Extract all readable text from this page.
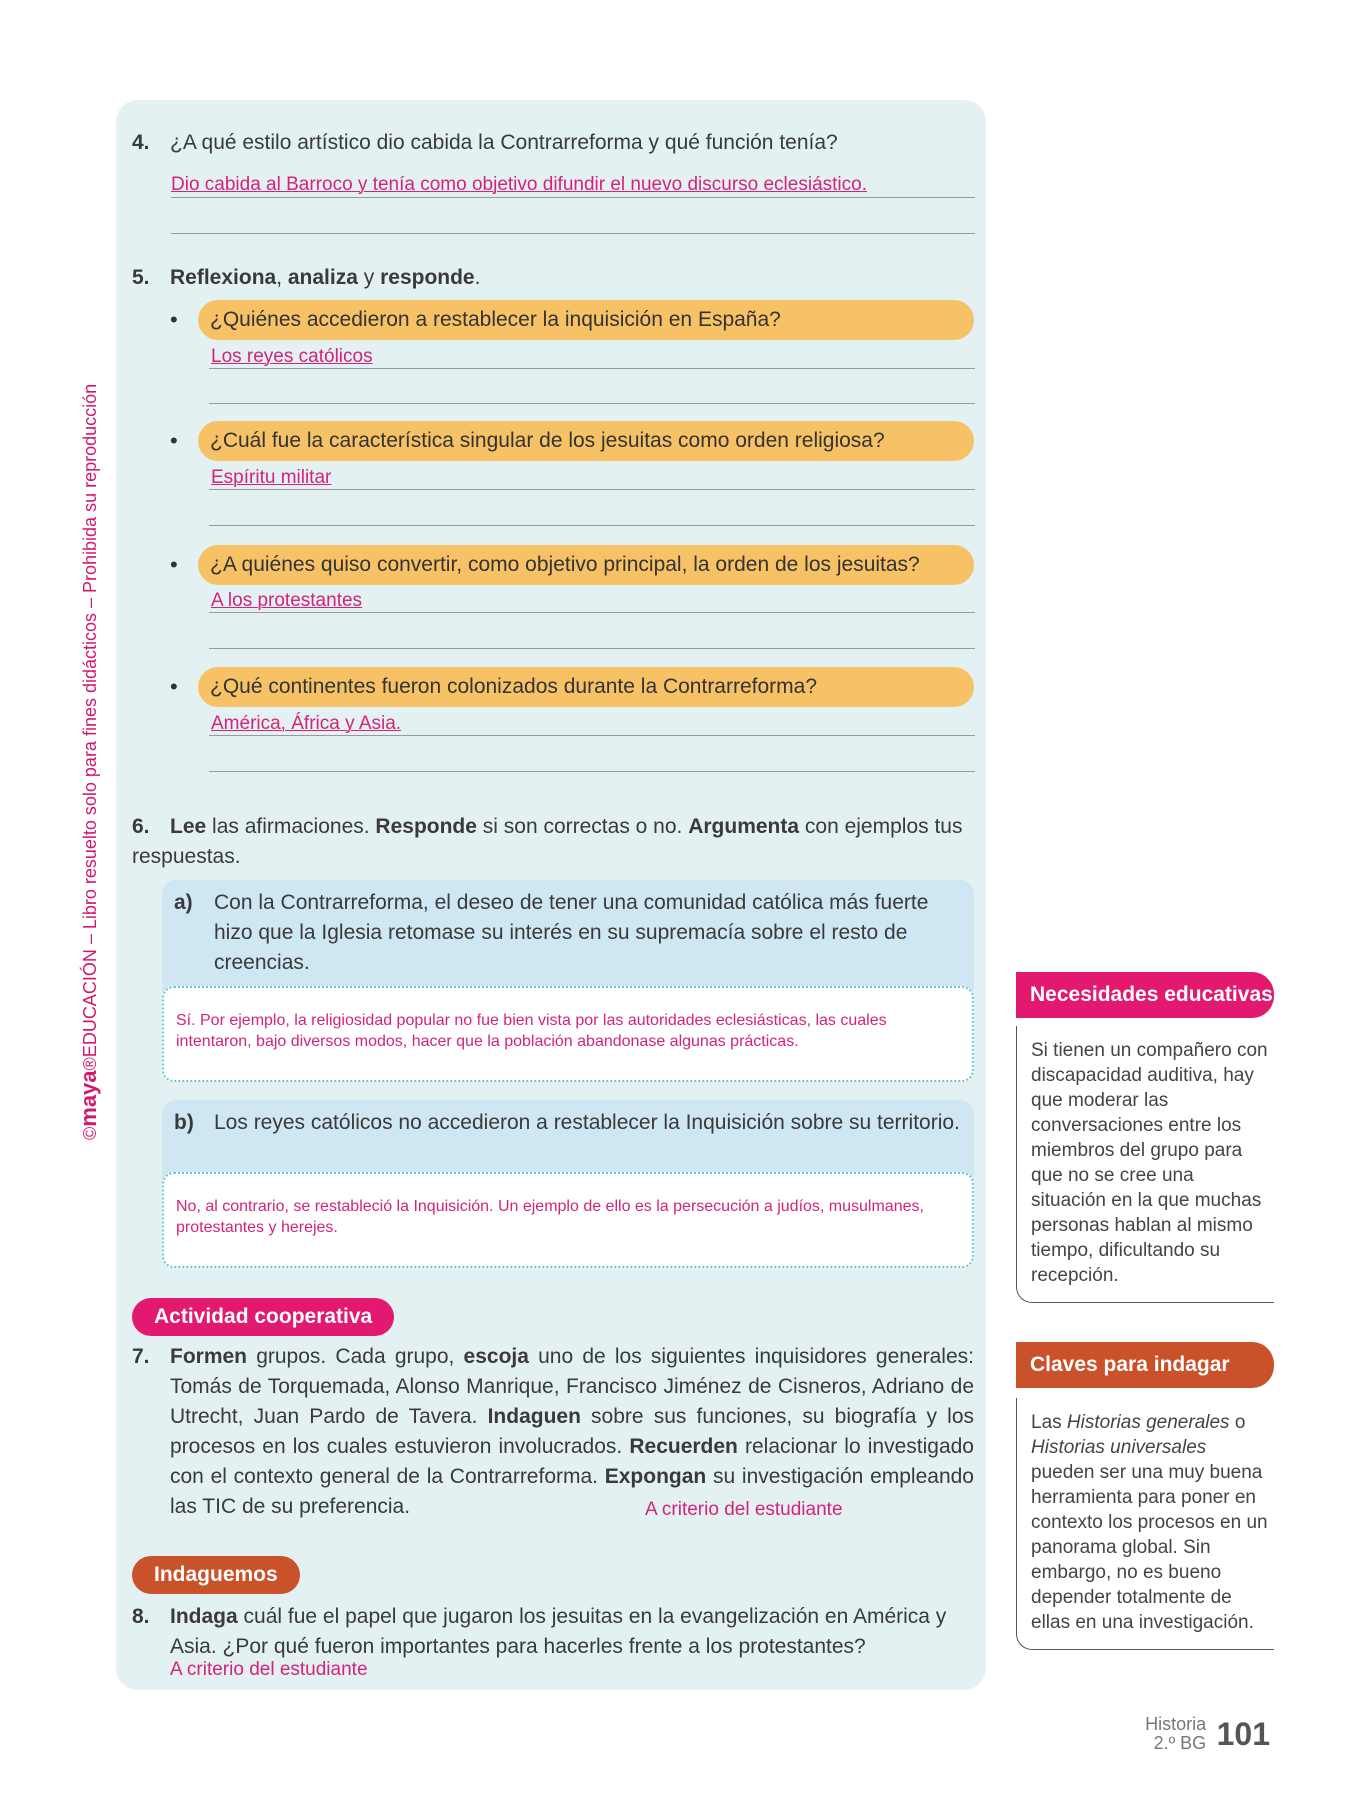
©maya®EDUCACIÓN – Libro resuelto solo para fines didácticos – Prohibida su reproducción
4. ¿A qué estilo artístico dio cabida la Contrarreforma y qué función tenía?
Dio cabida al Barroco y tenía como objetivo difundir el nuevo discurso eclesiástico.
5. Reflexiona, analiza y responde.
•	¿Quiénes accedieron a restablecer la inquisición en España?
Los reyes católicos
•	¿Cuál fue la característica singular de los jesuitas como orden religiosa?
Espíritu militar
•	¿A quiénes quiso convertir, como objetivo principal, la orden de los jesuitas?
A los protestantes
•	¿Qué continentes fueron colonizados durante la Contrarreforma?
América, África y Asia.
6. Lee las afirmaciones. Responde si son correctas o no. Argumenta con ejemplos tus respuestas.
a) Con la Contrarreforma, el deseo de tener una comunidad católica más fuerte hizo que la Iglesia retomase su interés en su supremacía sobre el resto de creencias.
Sí. Por ejemplo, la religiosidad popular no fue bien vista por las autoridades eclesiásticas, las cuales intentaron, bajo diversos modos, hacer que la población abandonase algunas prácticas.
b) Los reyes católicos no accedieron a restablecer la Inquisición sobre su territorio.
No, al contrario, se restableció la Inquisición. Un ejemplo de ello es la persecución a judíos, musulmanes, protestantes y herejes.
Actividad cooperativa
7. Formen grupos. Cada grupo, escoja uno de los siguientes inquisidores generales: Tomás de Torquemada, Alonso Manrique, Francisco Jiménez de Cisneros, Adriano de Utrecht, Juan Pardo de Tavera. Indaguen sobre sus funciones, su biografía y los procesos en los cuales estuvieron involucrados. Recuerden relacionar lo investigado con el contexto general de la Contrarreforma. Expongan su investigación empleando las TIC de su preferencia.	A criterio del estudiante
Indaguemos
8. Indaga cuál fue el papel que jugaron los jesuitas en la evangelización en América y Asia. ¿Por qué fueron importantes para hacerles frente a los protestantes?
A criterio del estudiante
Necesidades educativas
Si tienen un compañero con discapacidad auditiva, hay que moderar las conversaciones entre los miembros del grupo para que no se cree una situación en la que muchas personas hablan al mismo tiempo, dificultando su recepción.
Claves para indagar
Las Historias generales o Historias universales pueden ser una muy buena herramienta para poner en contexto los procesos en un panorama global. Sin embargo, no es bueno depender totalmente de ellas en una investigación.
Historia
2.º BG 101
